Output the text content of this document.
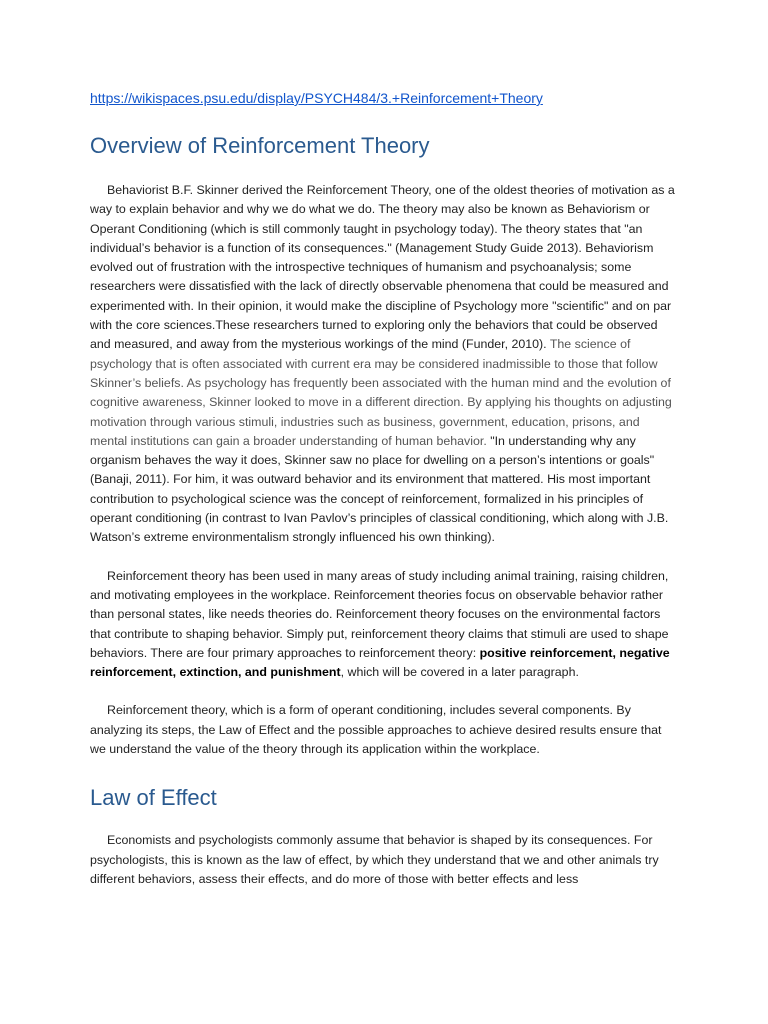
https://wikispaces.psu.edu/display/PSYCH484/3.+Reinforcement+Theory
Overview of Reinforcement Theory

Behaviorist B.F. Skinner derived the Reinforcement Theory, one of the oldest theories of motivation as a way to explain behavior and why we do what we do. The theory may also be known as Behaviorism or Operant Conditioning (which is still commonly taught in psychology today). The theory states that "an individual’s behavior is a function of its consequences." (Management Study Guide 2013). Behaviorism evolved out of frustration with the introspective techniques of humanism and psychoanalysis; some researchers were dissatisfied with the lack of directly observable phenomena that could be measured and experimented with. In their opinion, it would make the discipline of Psychology more "scientific" and on par with the core sciences.These researchers turned to exploring only the behaviors that could be observed and measured, and away from the mysterious workings of the mind (Funder, 2010). The science of psychology that is often associated with current era may be considered inadmissible to those that follow Skinner’s beliefs. As psychology has frequently been associated with the human mind and the evolution of cognitive awareness, Skinner looked to move in a different direction. By applying his thoughts on adjusting motivation through various stimuli, industries such as business, government, education, prisons, and mental institutions can gain a broader understanding of human behavior. "In understanding why any organism behaves the way it does, Skinner saw no place for dwelling on a person’s intentions or goals" (Banaji, 2011). For him, it was outward behavior and its environment that mattered. His most important contribution to psychological science was the concept of reinforcement, formalized in his principles of operant conditioning (in contrast to Ivan Pavlov’s principles of classical conditioning, which along with J.B. Watson’s extreme environmentalism strongly influenced his own thinking).

Reinforcement theory has been used in many areas of study including animal training, raising children, and motivating employees in the workplace. Reinforcement theories focus on observable behavior rather than personal states, like needs theories do. Reinforcement theory focuses on the environmental factors that contribute to shaping behavior. Simply put, reinforcement theory claims that stimuli are used to shape behaviors. There are four primary approaches to reinforcement theory: positive reinforcement, negative reinforcement, extinction, and punishment, which will be covered in a later paragraph.

Reinforcement theory, which is a form of operant conditioning, includes several components. By analyzing its steps, the Law of Effect and the possible approaches to achieve desired results ensure that we understand the value of the theory through its application within the workplace.

Law of Effect

Economists and psychologists commonly assume that behavior is shaped by its consequences. For psychologists, this is known as the law of effect, by which they understand that we and other animals try different behaviors, assess their effects, and do more of those with better effects and less
